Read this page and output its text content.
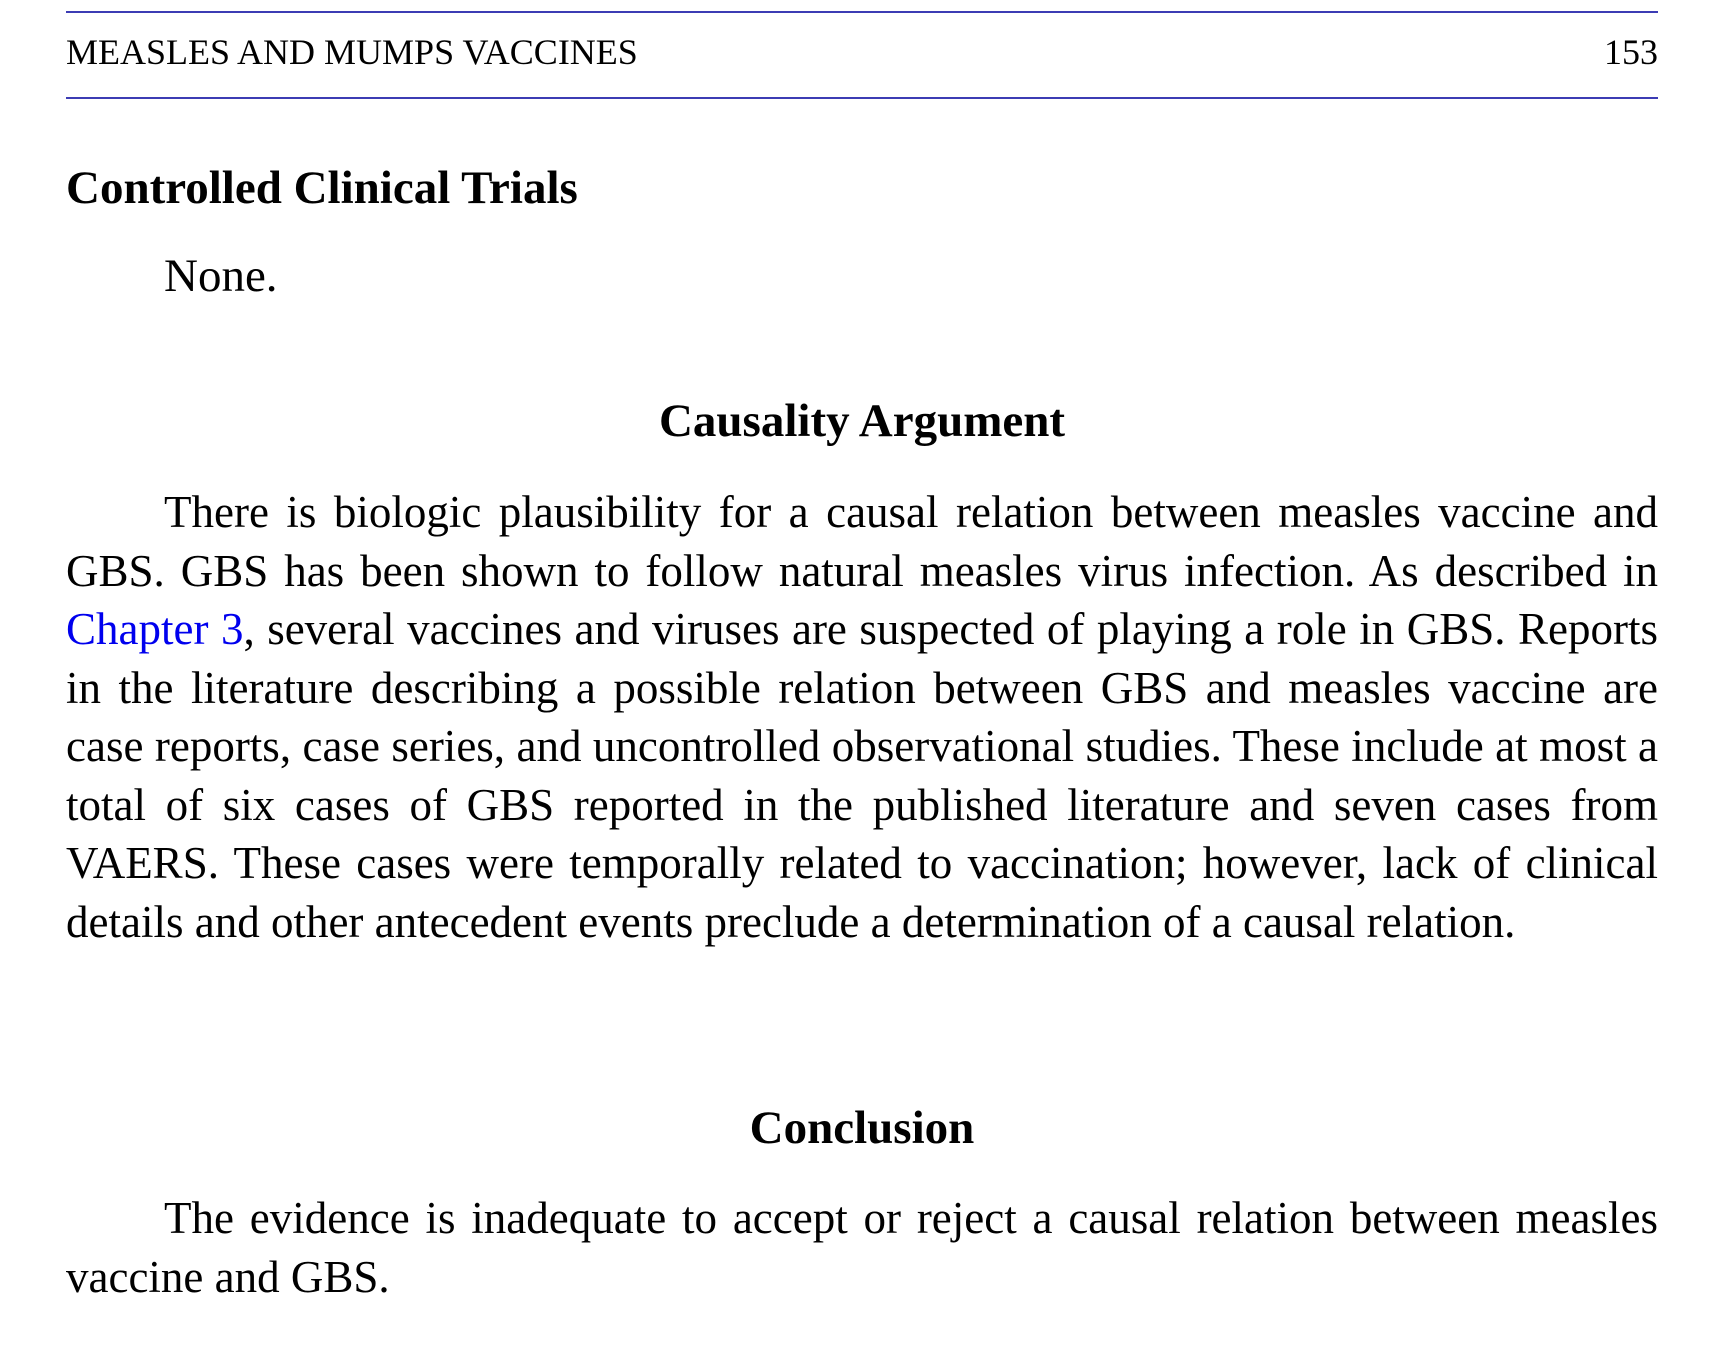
MEASLES AND MUMPS VACCINES	153
Controlled Clinical Trials

None.

Causality Argument

There is biologic plausibility for a causal relation between measles vaccine and GBS. GBS has been shown to follow natural measles virus infection. As described in Chapter 3, several vaccines and viruses are suspected of playing a role in GBS. Reports in the literature describing a possible relation between GBS and measles vaccine are case reports, case series, and uncontrolled observational studies. These include at most a total of six cases of GBS reported in the published literature and seven cases from VAERS. These cases were temporally related to vaccination; however, lack of clinical details and other antecedent events preclude a determination of a causal relation.

Conclusion

The evidence is inadequate to accept or reject a causal relation between measles vaccine and GBS.
